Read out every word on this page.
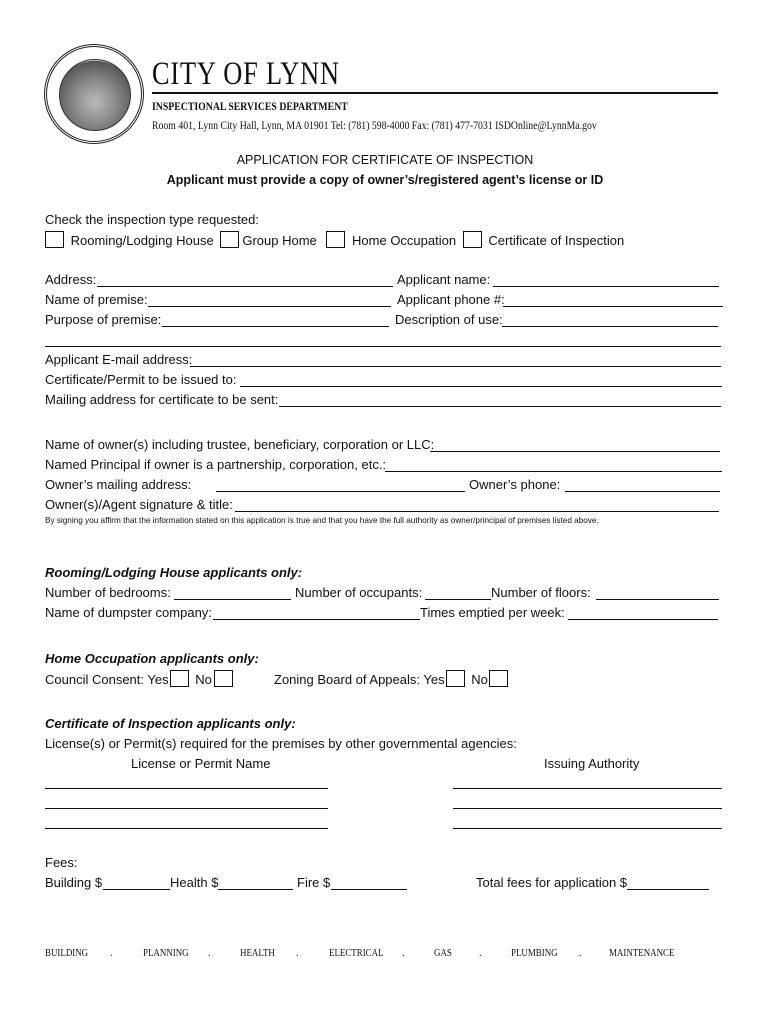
CITY OF LYNN
INSPECTIONAL SERVICES DEPARTMENT
Room 401, Lynn City Hall, Lynn, MA 01901 Tel: (781) 598-4000 Fax: (781) 477-7031 ISDOnline@LynnMa.gov
APPLICATION FOR CERTIFICATE OF INSPECTION
Applicant must provide a copy of owner’s/registered agent’s license or ID
Check the inspection type requested:
Rooming/Lodging House Group Home	Home Occupation Certificate of Inspection
Address:	Applicant name:
Name of premise:	Applicant phone #:
Purpose of premise:	Description of use:
Applicant E-mail address:
Certificate/Permit to be issued to:
Mailing address for certificate to be sent:
Name of owner(s) including trustee, beneficiary, corporation or LLC:
Named Principal if owner is a partnership, corporation, etc.:
Owner’s mailing address:	Owner’s phone:
Owner(s)/Agent signature & title:
By signing you affirm that the information stated on this application is true and that you have the full authority as owner/principal of premises listed above.
Rooming/Lodging House applicants only:
Number of bedrooms:	Number of occupants:	Number of floors:
Name of dumpster company:	Times emptied per week:
Home Occupation applicants only:
Council Consent: Yes No	Zoning Board of Appeals: Yes No
Certificate of Inspection applicants only:
License(s) or Permit(s) required for the premises by other governmental agencies:
License or Permit Name	Issuing Authority
Fees:
Building $	Health $	Fire $	Total fees for application $
BUILDING .	PLANNING .	HEALTH .	ELECTRICAL .	GAS	.	PLUMBING .	MAINTENANCE
